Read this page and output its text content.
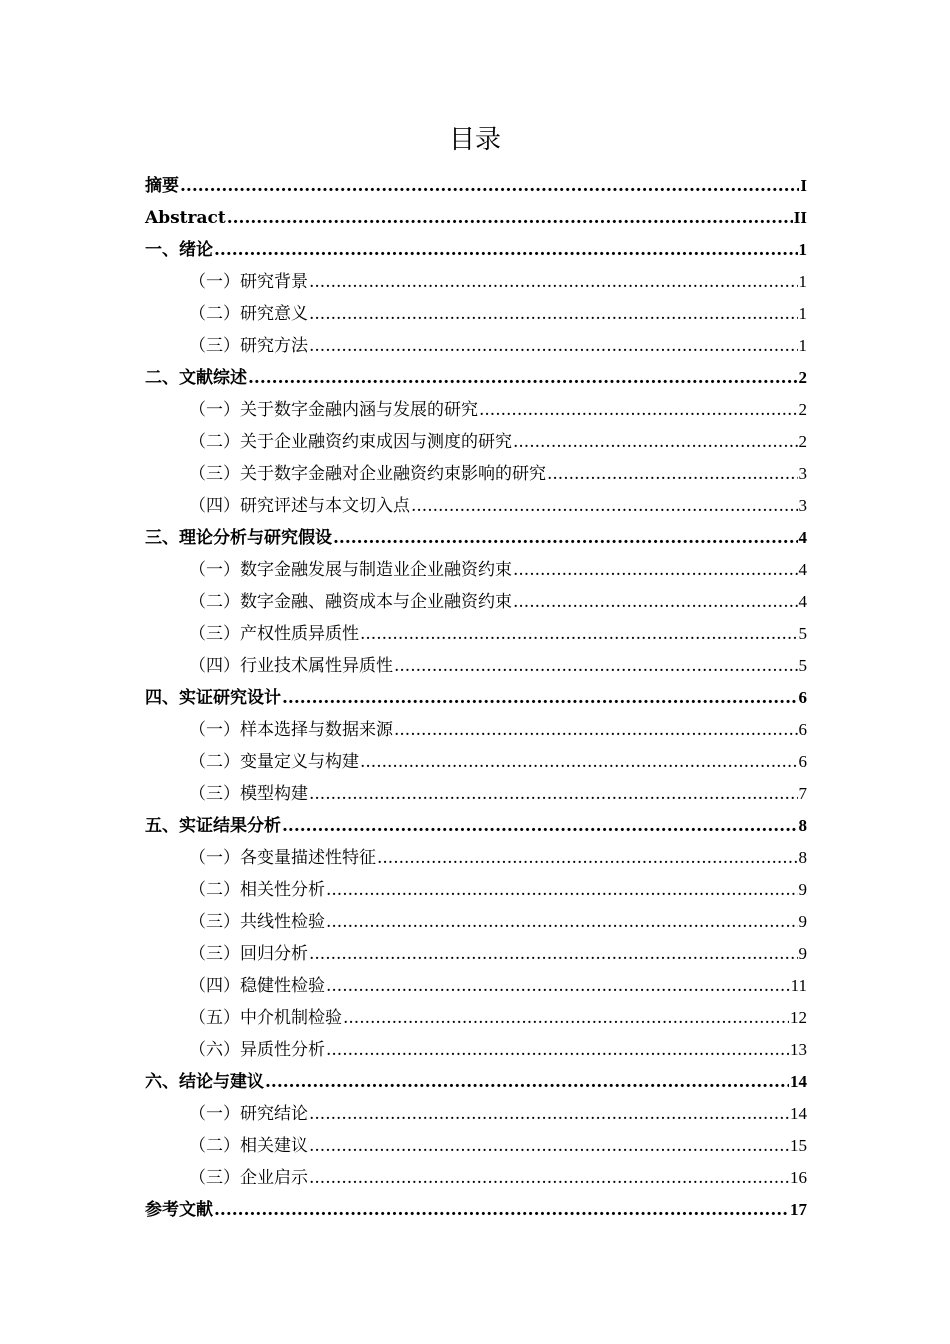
目录
摘要 .....	I
Abstract .....	II
一、绪论 .....	1
（一）研究背景 .....	1
（二）研究意义 .....	1
（三）研究方法 .....	1
二、文献综述 .....	2
（一）关于数字金融内涵与发展的研究 .....	2
（二）关于企业融资约束成因与测度的研究 .....	2
（三）关于数字金融对企业融资约束影响的研究 .....	3
（四）研究评述与本文切入点 .....	3
三、理论分析与研究假设 .....	4
（一）数字金融发展与制造业企业融资约束 .....	4
（二）数字金融、融资成本与企业融资约束 .....	4
（三）产权性质异质性 .....	5
（四）行业技术属性异质性 .....	5
四、实证研究设计 .....	6
（一）样本选择与数据来源 .....	6
（二）变量定义与构建 .....	6
（三）模型构建 .....	7
五、实证结果分析 .....	8
（一）各变量描述性特征 .....	8
（二）相关性分析 .....	9
（三）共线性检验 .....	9
（三）回归分析 .....	9
（四）稳健性检验 .....	11
（五）中介机制检验 .....	12
（六）异质性分析 .....	13
六、结论与建议 .....	14
（一）研究结论 .....	14
（二）相关建议 .....	15
（三）企业启示 .....	16
参考文献 .....	17
